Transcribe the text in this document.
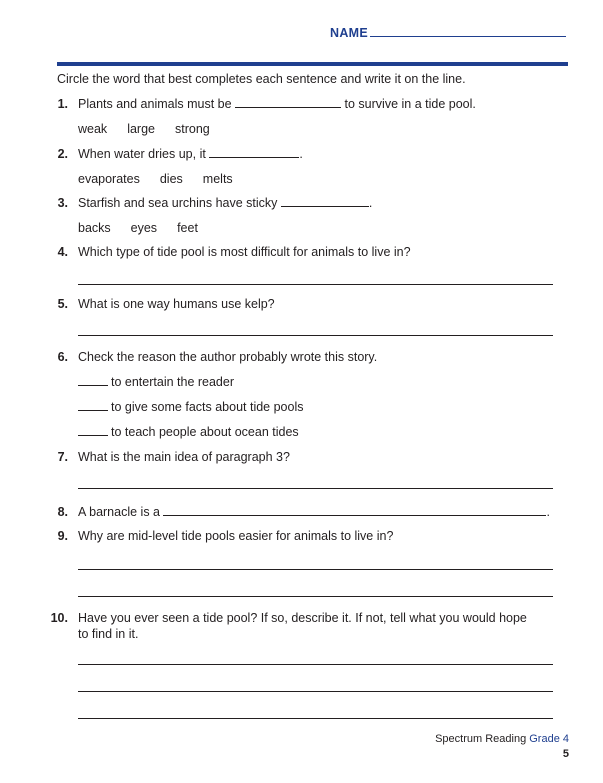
NAME
Circle the word that best completes each sentence and write it on the line.
1. Plants and animals must be	to survive in a tide pool.
weak large strong
2. When water dries up, it	.
evaporates dies melts
3. Starfish and sea urchins have sticky	.
backs eyes feet
4. Which type of tide pool is most difficult for animals to live in?
5. What is one way humans use kelp?
6. Check the reason the author probably wrote this story.
to entertain the reader
to give some facts about tide pools
to teach people about ocean tides
7. What is the main idea of paragraph 3?
8. A barnacle is a	.
9. Why are mid-level tide pools easier for animals to live in?
10. Have you ever seen a tide pool? If so, describe it. If not, tell what you would hope
to find in it.
Spectrum Reading Grade 4
5
